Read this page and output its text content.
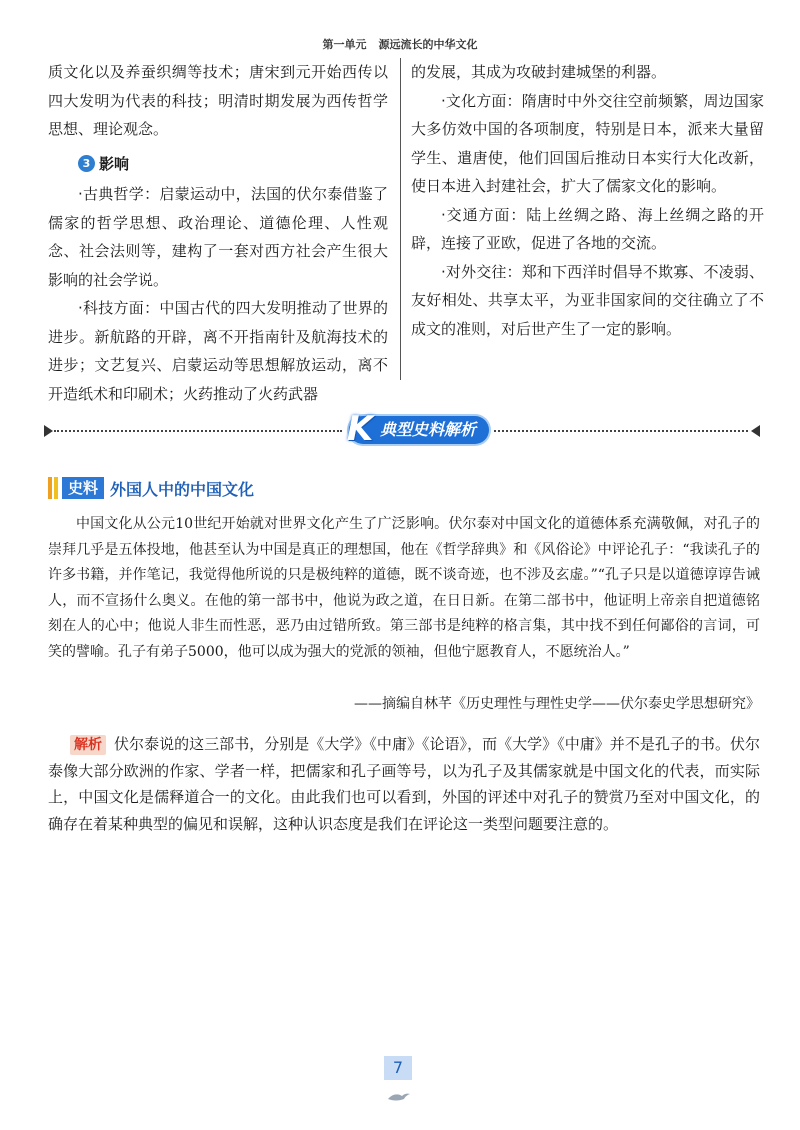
第一单元 源远流长的中华文化

质文化以及养蚕织绸等技术；唐宋到元开始西传以四大发明为代表的科技；明清时期发展为西传哲学思想、理论观念。

3 影响

·古典哲学：启蒙运动中，法国的伏尔泰借鉴了儒家的哲学思想、政治理论、道德伦理、人性观念、社会法则等，建构了一套对西方社会产生很大影响的社会学说。

·科技方面：中国古代的四大发明推动了世界的进步。新航路的开辟，离不开指南针及航海技术的进步；文艺复兴、启蒙运动等思想解放运动，离不开造纸术和印刷术；火药推动了火药武器

的发展，其成为攻破封建城堡的利器。

·文化方面：隋唐时中外交往空前频繁，周边国家大多仿效中国的各项制度，特别是日本，派来大量留学生、遣唐使，他们回国后推动日本实行大化改新，使日本进入封建社会，扩大了儒家文化的影响。

·交通方面：陆上丝绸之路、海上丝绸之路的开辟，连接了亚欧，促进了各地的交流。

·对外交往：郑和下西洋时倡导不欺寡、不凌弱、友好相处、共享太平，为亚非国家间的交往确立了不成文的准则，对后世产生了一定的影响。

K 典型史料解析
史料 外国人中的中国文化

中国文化从公元10世纪开始就对世界文化产生了广泛影响。伏尔泰对中国文化的道德体系充满敬佩，对孔子的崇拜几乎是五体投地，他甚至认为中国是真正的理想国，他在《哲学辞典》和《风俗论》中评论孔子：“我读孔子的许多书籍，并作笔记，我觉得他所说的只是极纯粹的道德，既不谈奇迹，也不涉及玄虚。”“孔子只是以道德谆谆告诫人，而不宣扬什么奥义。在他的第一部书中，他说为政之道，在日日新。在第二部书中，他证明上帝亲自把道德铭刻在人的心中；他说人非生而性恶，恶乃由过错所致。第三部书是纯粹的格言集，其中找不到任何鄙俗的言词，可笑的譬喻。孔子有弟子5000，他可以成为强大的党派的领袖，但他宁愿教育人，不愿统治人。”

——摘编自林芊《历史理性与理性史学——伏尔泰史学思想研究》

解析 伏尔泰说的这三部书，分别是《大学》《中庸》《论语》，而《大学》《中庸》并不是孔子的书。伏尔泰像大部分欧洲的作家、学者一样，把儒家和孔子画等号，以为孔子及其儒家就是中国文化的代表，而实际上，中国文化是儒释道合一的文化。由此我们也可以看到，外国的评述中对孔子的赞赏乃至对中国文化，的确存在着某种典型的偏见和误解，这种认识态度是我们在评论这一类型问题要注意的。

7
